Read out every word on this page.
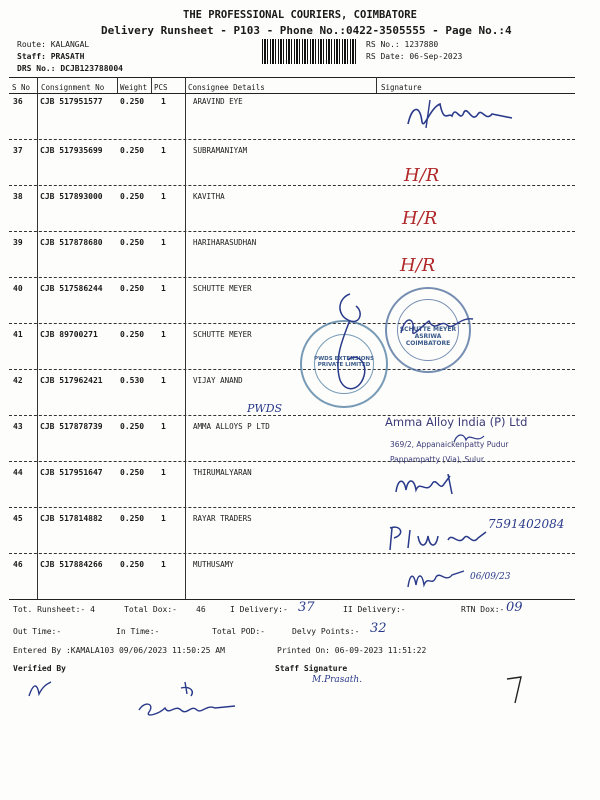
THE PROFESSIONAL COURIERS, COIMBATORE
Delivery Runsheet - P103 - Phone No.:0422-3505555 - Page No.:4
Route: KALANGAL
Staff: PRASATH
DRS No.: DCJB123788004
RS No.: 1237880
RS Date: 06-Sep-2023
S No Consignment No Weight PCS	Consignee Details	Signature
36 CJB 517951577 0.250 1	ARAVIND EYE
37 CJB 517935699 0.250 1	SUBRAMANIYAM
38 CJB 517893000 0.250 1	KAVITHA
39 CJB 517878680 0.250 1	HARIHARASUDHAN
40 CJB 517586244 0.250 1	SCHUTTE MEYER
41 CJB 89700271	0.250 1	SCHUTTE MEYER
42 CJB 517962421 0.530 1	VIJAY ANAND
43 CJB 517878739 0.250 1	AMMA ALLOYS P LTD
44 CJB 517951647 0.250 1	THIRUMALYARAN
45 CJB 517814882 0.250 1	RAYAR TRADERS
46 CJB 517884266 0.250 1	MUTHUSAMY
H/R
H/R
H/R
SCHUTTE MEYER ASRIWA COIMBATORE
PWDS EXTENSIONS PRIVATE LIMITED
PWDS
Amma Alloy India (P) Ltd
369/2, Appanaickenpatty Pudur
Pappampatty (Via), Sulur
7591402084
06/09/23
Tot. Runsheet:- 4	Total Dox:- 46	I Delivery:- 37	II Delivery:-	RTN Dox:- 09
Out Time:-	In Time:-	Total POD:-	Delvy Points:- 32
Entered By :KAMALA103 09/06/2023 11:50:25 AM	Printed On: 06-09-2023 11:51:22
Verified By	Staff Signature
M.Prasath.
